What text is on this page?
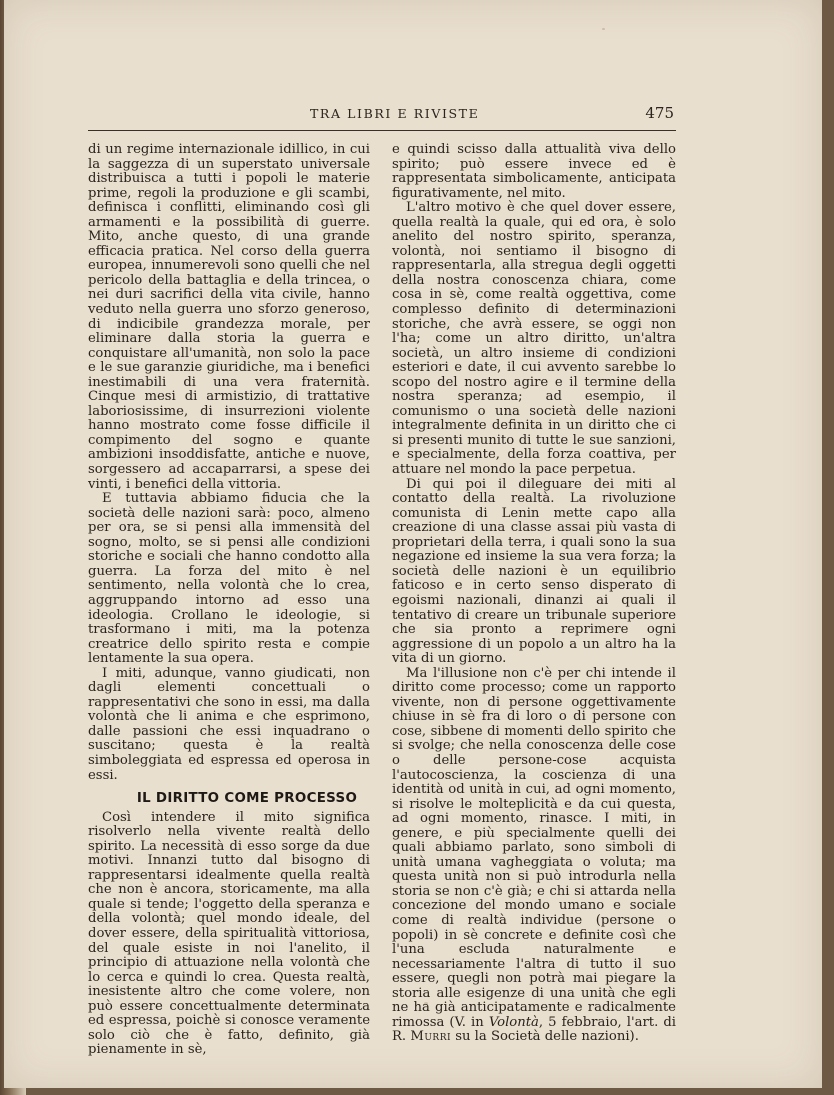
TRA LIBRI E RIVISTE	475

di un regime internazionale idillico, in cui la saggezza di un superstato universale distribuisca a tutti i popoli le materie prime, regoli la produzione e gli scambi, definisca i conflitti, eliminando così gli armamenti e la possibilità di guerre. Mito, anche questo, di una grande efficacia pratica. Nel corso della guerra europea, innumerevoli sono quelli che nel pericolo della battaglia e della trincea, o nei duri sacrifici della vita civile, hanno veduto nella guerra uno sforzo generoso, di indicibile grandezza morale, per eliminare dalla storia la guerra e conquistare all'umanità, non solo la pace e le sue garanzie giuridiche, ma i benefici inestimabili di una vera fraternità. Cinque mesi di armistizio, di trattative laboriosissime, di insurrezioni violente hanno mostrato come fosse difficile il compimento del sogno e quante ambizioni insoddisfatte, antiche e nuove, sorgessero ad accaparrarsi, a spese dei vinti, i benefici della vittoria.

E tuttavia abbiamo fiducia che la società delle nazioni sarà: poco, almeno per ora, se si pensi alla immensità del sogno, molto, se si pensi alle condizioni storiche e sociali che hanno condotto alla guerra. La forza del mito è nel sentimento, nella volontà che lo crea, aggruppando intorno ad esso una ideologia. Crollano le ideologie, si trasformano i miti, ma la potenza creatrice dello spirito resta e compie lentamente la sua opera.

I miti, adunque, vanno giudicati, non dagli elementi concettuali o rappresentativi che sono in essi, ma dalla volontà che li anima e che esprimono, dalle passioni che essi inquadrano o suscitano; questa è la realtà simboleggiata ed espressa ed operosa in essi.

IL DIRITTO COME PROCESSO

Così intendere il mito significa risolverlo nella vivente realtà dello spirito. La necessità di esso sorge da due motivi. Innanzi tutto dal bisogno di rappresentarsi idealmente quella realtà che non è ancora, storicamente, ma alla quale si tende; l'oggetto della speranza e della volontà; quel mondo ideale, del dover essere, della spiritualità vittoriosa, del quale esiste in noi l'anelito, il principio di attuazione nella volontà che lo cerca e quindi lo crea. Questa realtà, inesistente altro che come volere, non può essere concettualmente determinata ed espressa, poichè si conosce veramente solo ciò che è fatto, definito, già pienamente in sè,

e quindi scisso dalla attualità viva dello spirito; può essere invece ed è rappresentata simbolicamente, anticipata figurativamente, nel mito.

L'altro motivo è che quel dover essere, quella realtà la quale, qui ed ora, è solo anelito del nostro spirito, speranza, volontà, noi sentiamo il bisogno di rappresentarla, alla stregua degli oggetti della nostra conoscenza chiara, come cosa in sè, come realtà oggettiva, come complesso definito di determinazioni storiche, che avrà essere, se oggi non l'ha; come un altro diritto, un'altra società, un altro insieme di condizioni esteriori e date, il cui avvento sarebbe lo scopo del nostro agire e il termine della nostra speranza; ad esempio, il comunismo o una società delle nazioni integralmente definita in un diritto che ci si presenti munito di tutte le sue sanzioni, e specialmente, della forza coattiva, per attuare nel mondo la pace perpetua.

Di qui poi il dileguare dei miti al contatto della realtà. La rivoluzione comunista di Lenin mette capo alla creazione di una classe assai più vasta di proprietari della terra, i quali sono la sua negazione ed insieme la sua vera forza; la società delle nazioni è un equilibrio faticoso e in certo senso disperato di egoismi nazionali, dinanzi ai quali il tentativo di creare un tribunale superiore che sia pronto a reprimere ogni aggressione di un popolo a un altro ha la vita di un giorno.

Ma l'illusione non c'è per chi intende il diritto come processo; come un rapporto vivente, non di persone oggettivamente chiuse in sè fra di loro o di persone con cose, sibbene di momenti dello spirito che si svolge; che nella conoscenza delle cose o delle persone-cose acquista l'autocoscienza, la coscienza di una identità od unità in cui, ad ogni momento, si risolve le molteplicità e da cui questa, ad ogni momento, rinasce. I miti, in genere, e più specialmente quelli dei quali abbiamo parlato, sono simboli di unità umana vagheggiata o voluta; ma questa unità non si può introdurla nella storia se non c'è già; e chi si attarda nella concezione del mondo umano e sociale come di realtà individue (persone o popoli) in sè concrete e definite così che l'una escluda naturalmente e necessariamente l'altra di tutto il suo essere, quegli non potrà mai piegare la storia alle esigenze di una unità che egli ne ha già anticipatamente e radicalmente rimossa (V. in Volontà, 5 febbraio, l'art. di R. Murri su la Società delle nazioni).
